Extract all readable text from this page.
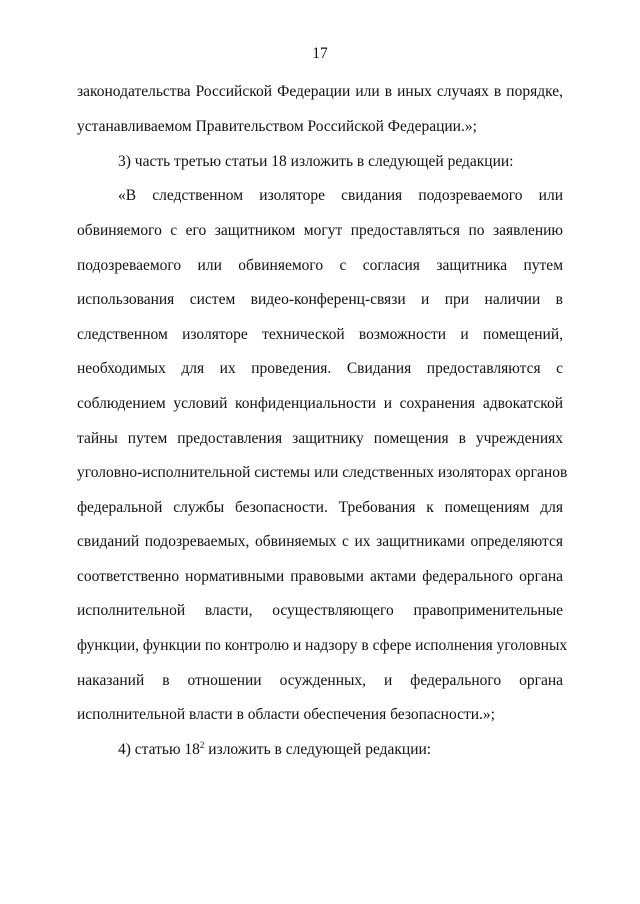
17
законодательства Российской Федерации или в иных случаях в порядке,
устанавливаемом Правительством Российской Федерации.»;
3) часть третью статьи 18 изложить в следующей редакции:
«В следственном изоляторе свидания подозреваемого или
обвиняемого с его защитником могут предоставляться по заявлению
подозреваемого или обвиняемого с согласия защитника путем
использования систем видео-конференц-связи и при наличии в
следственном изоляторе технической возможности и помещений,
необходимых для их проведения. Свидания предоставляются с
соблюдением условий конфиденциальности и сохранения адвокатской
тайны путем предоставления защитнику помещения в учреждениях
уголовно-исполнительной системы или следственных изоляторах органов
федеральной службы безопасности. Требования к помещениям для
свиданий подозреваемых, обвиняемых с их защитниками определяются
соответственно нормативными правовыми актами федерального органа
исполнительной власти, осуществляющего правоприменительные
функции, функции по контролю и надзору в сфере исполнения уголовных
наказаний в отношении осужденных, и федерального органа
исполнительной власти в области обеспечения безопасности.»;
4) статью $18^2$ изложить в следующей редакции:
